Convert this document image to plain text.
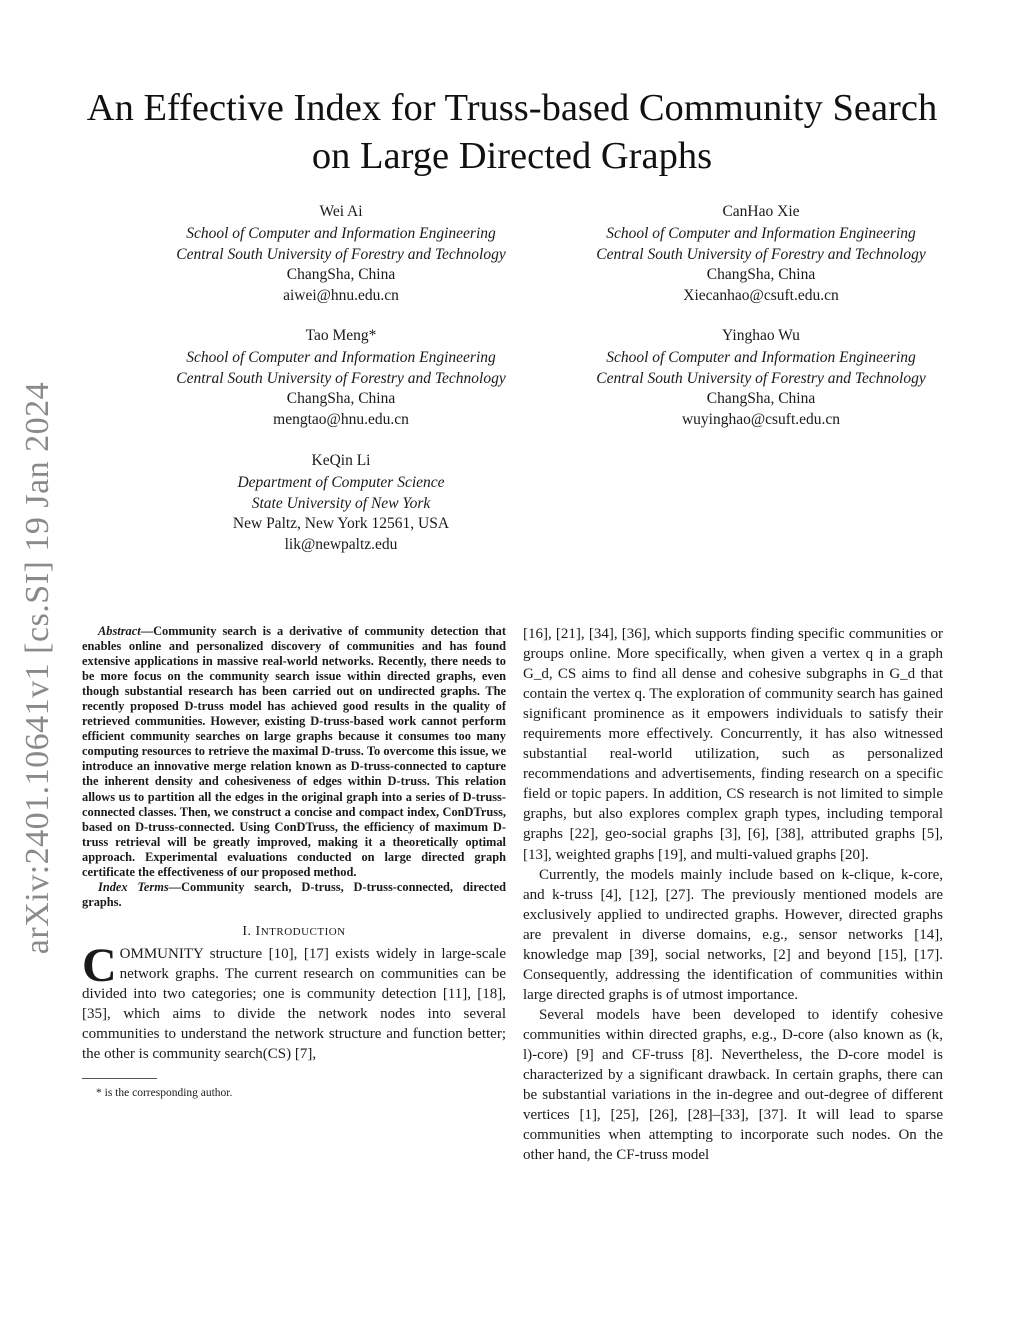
arXiv:2401.10641v1 [cs.SI] 19 Jan 2024
An Effective Index for Truss-based Community Search on Large Directed Graphs
Wei Ai
School of Computer and Information Engineering
Central South University of Forestry and Technology
ChangSha, China
aiwei@hnu.edu.cn
CanHao Xie
School of Computer and Information Engineering
Central South University of Forestry and Technology
ChangSha, China
Xiecanhao@csuft.edu.cn
Tao Meng*
School of Computer and Information Engineering
Central South University of Forestry and Technology
ChangSha, China
mengtao@hnu.edu.cn
Yinghao Wu
School of Computer and Information Engineering
Central South University of Forestry and Technology
ChangSha, China
wuyinghao@csuft.edu.cn
KeQin Li
Department of Computer Science
State University of New York
New Paltz, New York 12561, USA
lik@newpaltz.edu
Abstract—Community search is a derivative of community detection that enables online and personalized discovery of communities and has found extensive applications in massive real-world networks. Recently, there needs to be more focus on the community search issue within directed graphs, even though substantial research has been carried out on undirected graphs. The recently proposed D-truss model has achieved good results in the quality of retrieved communities. However, existing D-truss-based work cannot perform efficient community searches on large graphs because it consumes too many computing resources to retrieve the maximal D-truss. To overcome this issue, we introduce an innovative merge relation known as D-truss-connected to capture the inherent density and cohesiveness of edges within D-truss. This relation allows us to partition all the edges in the original graph into a series of D-truss-connected classes. Then, we construct a concise and compact index, ConDTruss, based on D-truss-connected. Using ConDTruss, the efficiency of maximum D-truss retrieval will be greatly improved, making it a theoretically optimal approach. Experimental evaluations conducted on large directed graph certificate the effectiveness of our proposed method.
Index Terms—Community search, D-truss, D-truss-connected, directed graphs.
I. INTRODUCTION

COMMUNITY structure [10], [17] exists widely in large-scale network graphs. The current research on communities can be divided into two categories; one is community detection [11], [18], [35], which aims to divide the network nodes into several communities to understand the network structure and function better; the other is community search(CS) [7],

* is the corresponding author.

[16], [21], [34], [36], which supports finding specific communities or groups online. More specifically, when given a vertex q in a graph G_d, CS aims to find all dense and cohesive subgraphs in G_d that contain the vertex q. The exploration of community search has gained significant prominence as it empowers individuals to satisfy their requirements more effectively. Concurrently, it has also witnessed substantial real-world utilization, such as personalized recommendations and advertisements, finding research on a specific field or topic papers. In addition, CS research is not limited to simple graphs, but also explores complex graph types, including temporal graphs [22], geo-social graphs [3], [6], [38], attributed graphs [5], [13], weighted graphs [19], and multi-valued graphs [20].

Currently, the models mainly include based on k-clique, k-core, and k-truss [4], [12], [27]. The previously mentioned models are exclusively applied to undirected graphs. However, directed graphs are prevalent in diverse domains, e.g., sensor networks [14], knowledge map [39], social networks, [2] and beyond [15], [17]. Consequently, addressing the identification of communities within large directed graphs is of utmost importance.

Several models have been developed to identify cohesive communities within directed graphs, e.g., D-core (also known as (k, l)-core) [9] and CF-truss [8]. Nevertheless, the D-core model is characterized by a significant drawback. In certain graphs, there can be substantial variations in the in-degree and out-degree of different vertices [1], [25], [26], [28]–[33], [37]. It will lead to sparse communities when attempting to incorporate such nodes. On the other hand, the CF-truss model
